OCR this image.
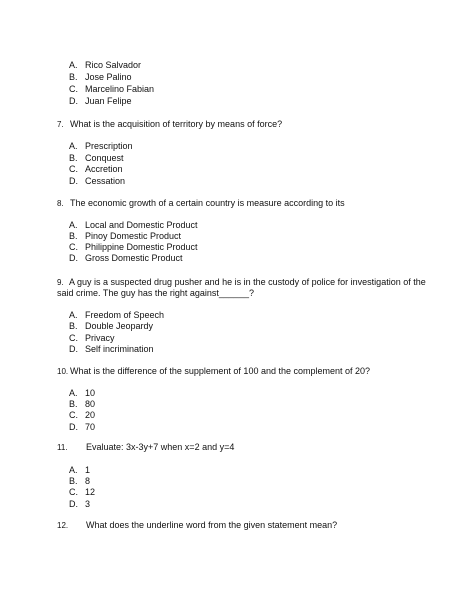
A. Rico Salvador
B. Jose Palino
C. Marcelino Fabian
D. Juan Felipe
7. What is the acquisition of territory by means of force?
A. Prescription
B. Conquest
C. Accretion
D. Cessation
8. The economic growth of a certain country is measure according to its
A. Local and Domestic Product
B. Pinoy Domestic Product
C. Philippine Domestic Product
D. Gross Domestic Product
9. A guy is a suspected drug pusher and he is in the custody of police for investigation of the
said crime. The guy has the right against______?
A. Freedom of Speech
B. Double Jeopardy
C. Privacy
D. Self incrimination
10. What is the difference of the supplement of 100 and the complement of 20?
A. 10
B. 80
C. 20
D. 70
11. Evaluate: 3x-3y+7 when x=2 and y=4
A. 1
B. 8
C. 12
D. 3
12. What does the underline word from the given statement mean?
